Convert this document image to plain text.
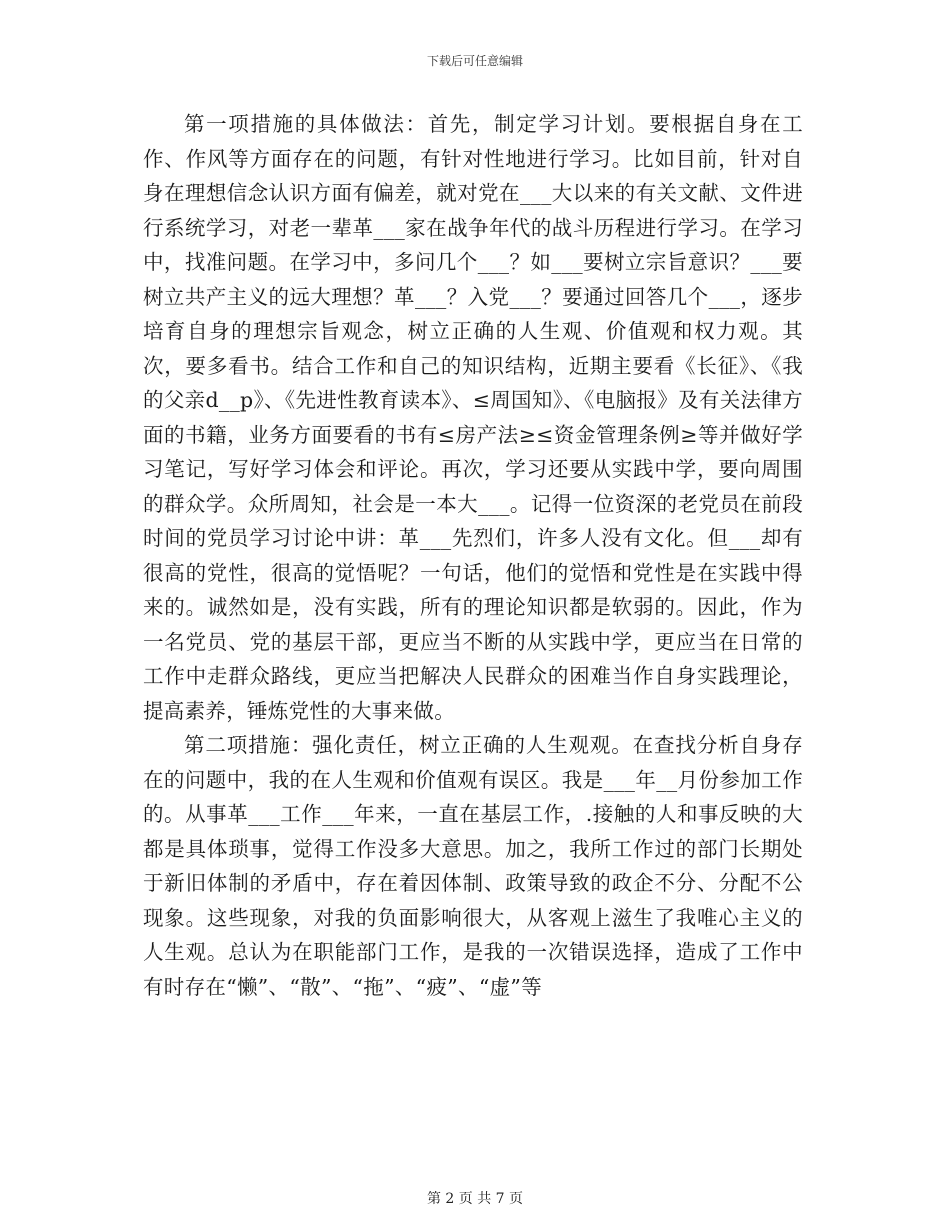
下载后可任意编辑

第一项措施的具体做法：首先，制定学习计划。要根据自身在工作、作风等方面存在的问题，有针对性地进行学习。比如目前，针对自身在理想信念认识方面有偏差，就对党在___大以来的有关文献、文件进行系统学习，对老一辈革___家在战争年代的战斗历程进行学习。在学习中，找准问题。在学习中，多问几个___？如___要树立宗旨意识？___要树立共产主义的远大理想？革___？入党___？要通过回答几个___，逐步培育自身的理想宗旨观念，树立正确的人生观、价值观和权力观。其次，要多看书。结合工作和自己的知识结构，近期主要看《长征》、《我的父亲d__p》、《先进性教育读本》、≤周国知》、《电脑报》及有关法律方面的书籍，业务方面要看的书有≤房产法≥≤资金管理条例≥等并做好学习笔记，写好学习体会和评论。再次，学习还要从实践中学，要向周围的群众学。众所周知，社会是一本大___。记得一位资深的老党员在前段时间的党员学习讨论中讲：革___先烈们，许多人没有文化。但___却有很高的党性，很高的觉悟呢？一句话，他们的觉悟和党性是在实践中得来的。诚然如是，没有实践，所有的理论知识都是软弱的。因此，作为一名党员、党的基层干部，更应当不断的从实践中学，更应当在日常的工作中走群众路线，更应当把解决人民群众的困难当作自身实践理论，提高素养，锤炼党性的大事来做。

第二项措施：强化责任，树立正确的人生观观。在查找分析自身存在的问题中，我的在人生观和价值观有误区。我是___年__月份参加工作的。从事革___工作___年来，一直在基层工作，.接触的人和事反映的大都是具体琐事，觉得工作没多大意思。加之，我所工作过的部门长期处于新旧体制的矛盾中，存在着因体制、政策导致的政企不分、分配不公现象。这些现象，对我的负面影响很大，从客观上滋生了我唯心主义的人生观。总认为在职能部门工作，是我的一次错误选择，造成了工作中有时存在“懒”、“散”、“拖”、“疲”、“虚”等

第 2 页 共 7 页
